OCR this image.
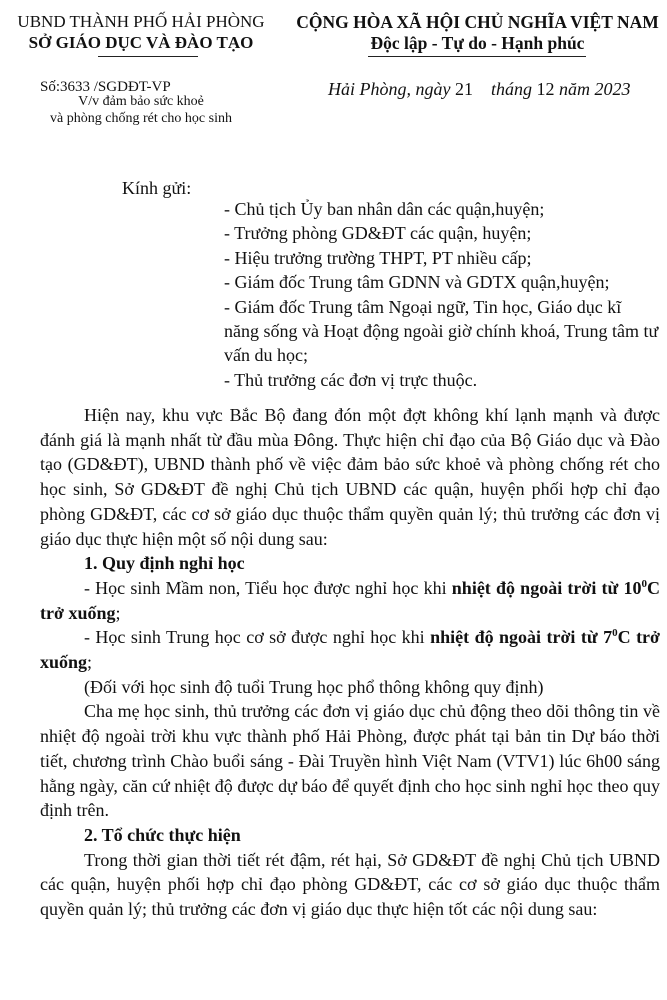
UBND THÀNH PHỐ HẢI PHÒNG
SỞ GIÁO DỤC VÀ ĐÀO TẠO
CỘNG HÒA XÃ HỘI CHỦ NGHĨA VIỆT NAM
Độc lập - Tự do - Hạnh phúc
Số:3633 /SGDĐT-VP
V/v đảm bảo sức khoẻ
và phòng chống rét cho học sinh
Hải Phòng, ngày 21 tháng 12 năm 2023
Kính gửi:
- Chủ tịch Ủy ban nhân dân các quận,huyện;
- Trưởng phòng GD&ĐT các quận, huyện;
- Hiệu trưởng trường THPT, PT nhiều cấp;
- Giám đốc Trung tâm GDNN và GDTX quận,huyện;
- Giám đốc Trung tâm Ngoại ngữ, Tin học, Giáo dục kĩ năng sống và Hoạt động ngoài giờ chính khoá, Trung tâm tư vấn du học;
- Thủ trưởng các đơn vị trực thuộc.

Hiện nay, khu vực Bắc Bộ đang đón một đợt không khí lạnh mạnh và được đánh giá là mạnh nhất từ đầu mùa Đông. Thực hiện chỉ đạo của Bộ Giáo dục và Đào tạo (GD&ĐT), UBND thành phố về việc đảm bảo sức khoẻ và phòng chống rét cho học sinh, Sở GD&ĐT đề nghị Chủ tịch UBND các quận, huyện phối hợp chỉ đạo phòng GD&ĐT, các cơ sở giáo dục thuộc thẩm quyền quản lý; thủ trưởng các đơn vị giáo dục thực hiện một số nội dung sau:

1. Quy định nghỉ học

- Học sinh Mầm non, Tiểu học được nghỉ học khi nhiệt độ ngoài trời từ $10^0C$ trở xuống;

- Học sinh Trung học cơ sở được nghỉ học khi nhiệt độ ngoài trời từ $7^0C$ trở xuống;

(Đối với học sinh độ tuổi Trung học phổ thông không quy định)

Cha mẹ học sinh, thủ trưởng các đơn vị giáo dục chủ động theo dõi thông tin về nhiệt độ ngoài trời khu vực thành phố Hải Phòng, được phát tại bản tin Dự báo thời tiết, chương trình Chào buổi sáng - Đài Truyền hình Việt Nam (VTV1) lúc 6h00 sáng hằng ngày, căn cứ nhiệt độ được dự báo để quyết định cho học sinh nghỉ học theo quy định trên.

2. Tổ chức thực hiện

Trong thời gian thời tiết rét đậm, rét hại, Sở GD&ĐT đề nghị Chủ tịch UBND các quận, huyện phối hợp chỉ đạo phòng GD&ĐT, các cơ sở giáo dục thuộc thẩm quyền quản lý; thủ trưởng các đơn vị giáo dục thực hiện tốt các nội dung sau:
